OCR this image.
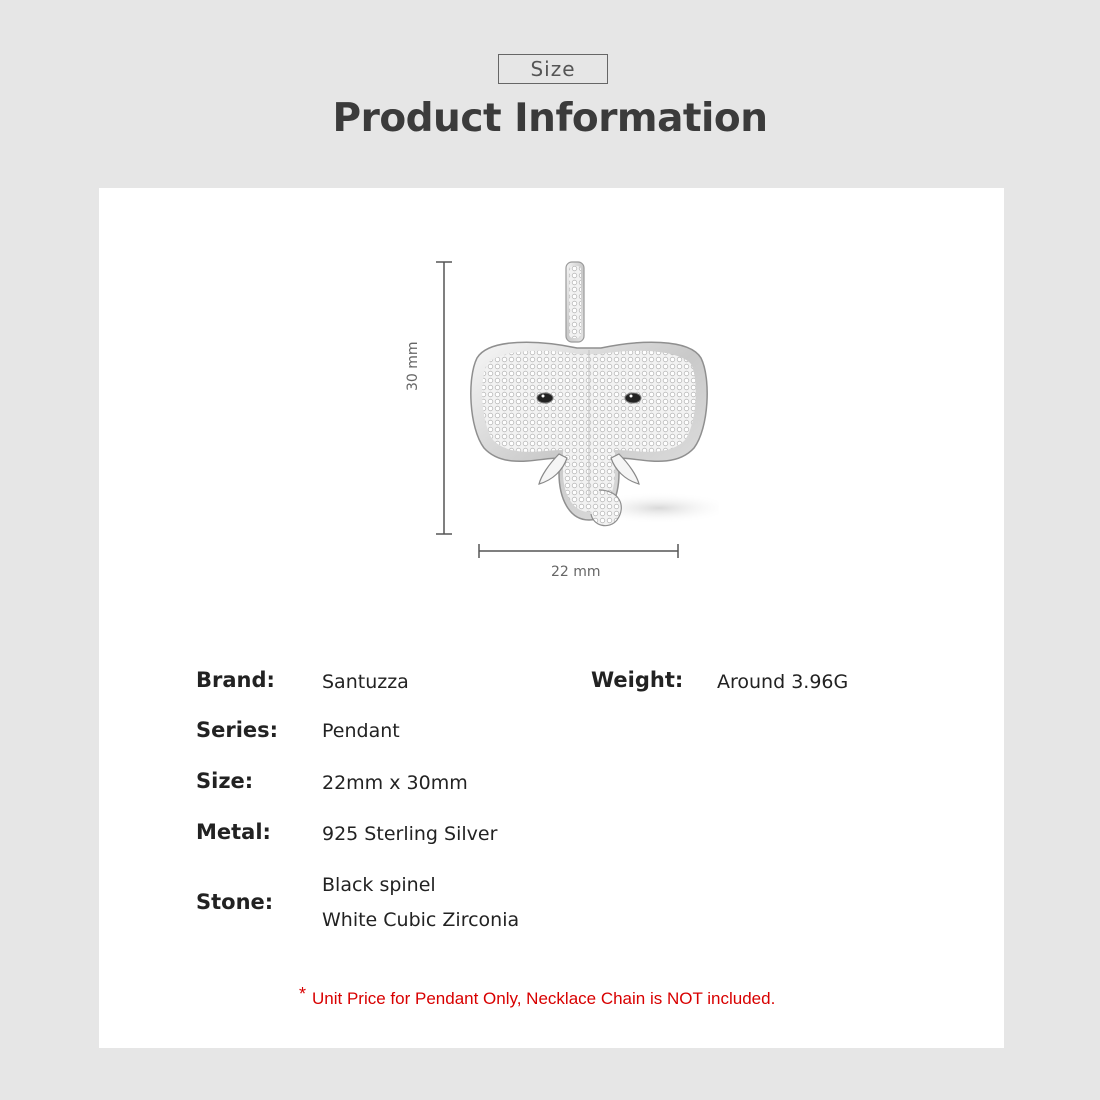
Size
Product Information
30 mm
22 mm
Brand: Santuzza	Weight: Around 3.96G
Series: Pendant
Size:	22mm x 30mm
Metal:	925 Sterling Silver
Stone:
Black spinel
White Cubic Zirconia
* Unit Price for Pendant Only, Necklace Chain is NOT included.
